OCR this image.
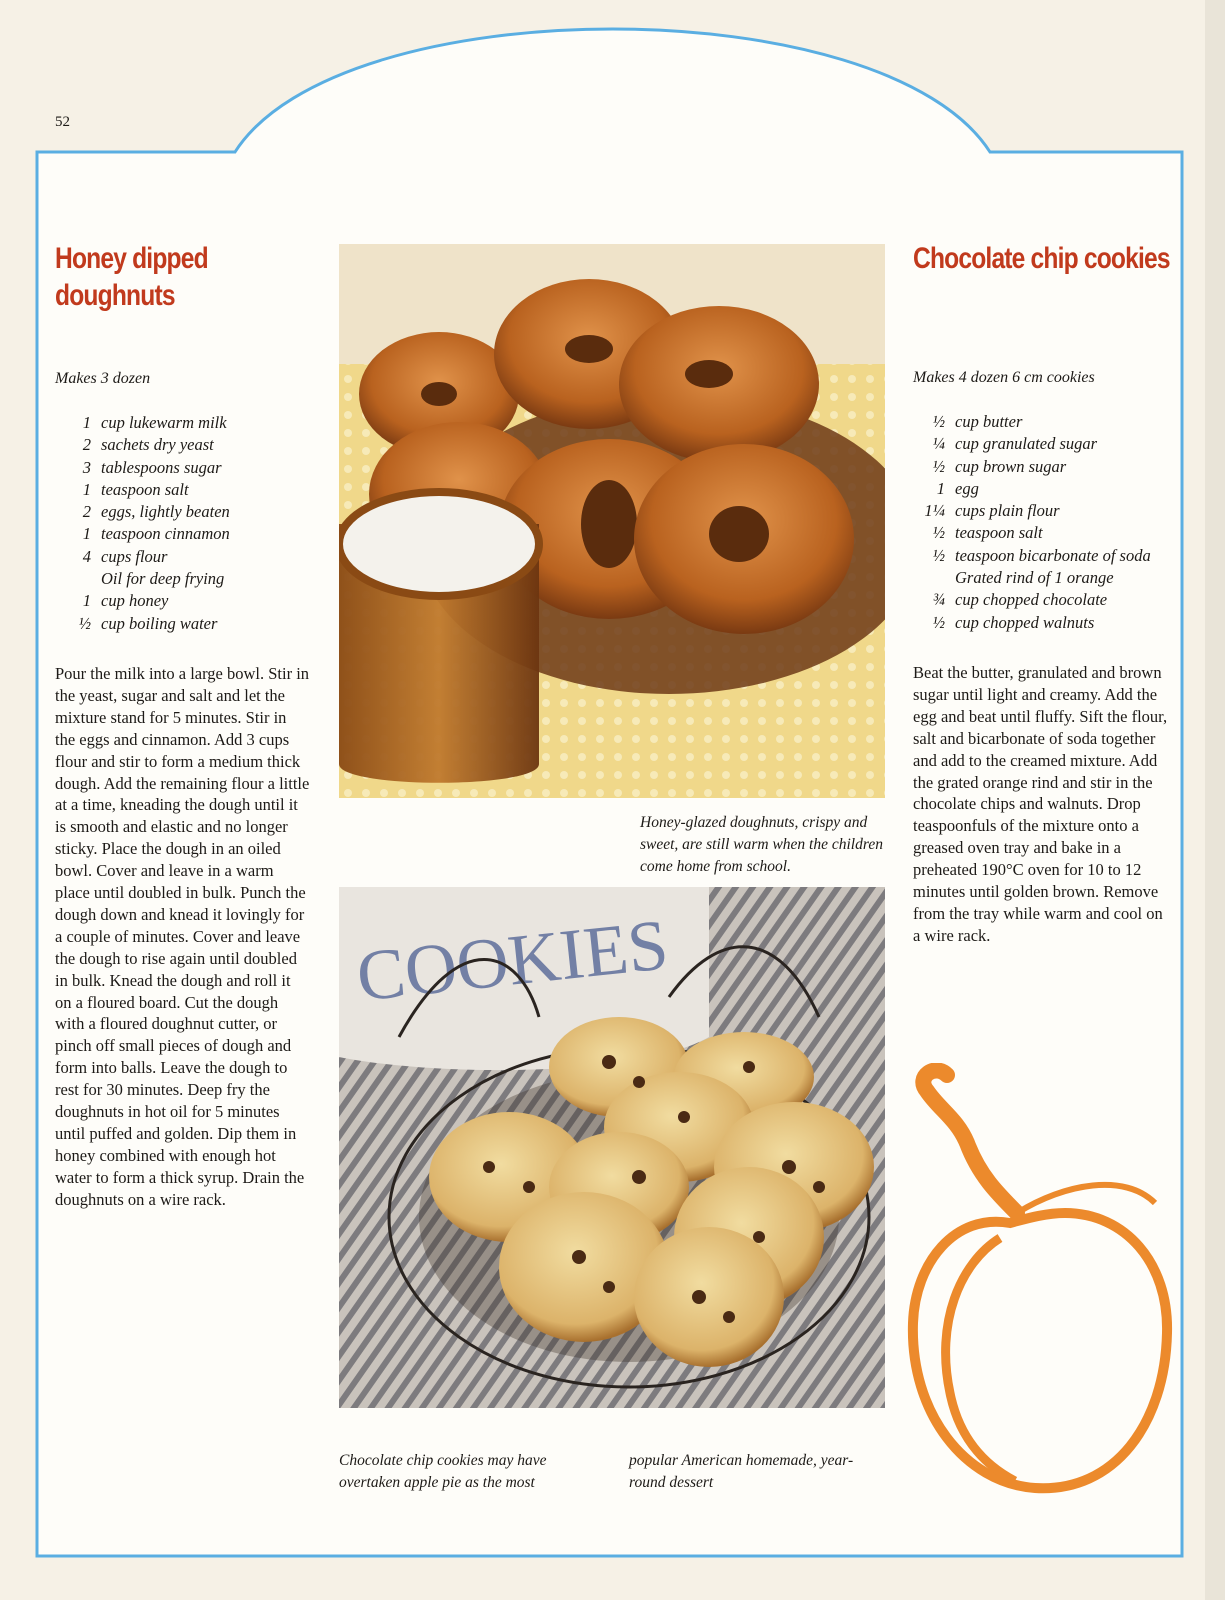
52
Honey dipped doughnuts
Makes 3 dozen
1 cup lukewarm milk
2 sachets dry yeast
3 tablespoons sugar
1 teaspoon salt
2 eggs, lightly beaten
1 teaspoon cinnamon
4 cups flour
Oil for deep frying
1 cup honey
½ cup boiling water

Pour the milk into a large bowl. Stir in the yeast, sugar and salt and let the mixture stand for 5 minutes. Stir in the eggs and cinnamon. Add 3 cups flour and stir to form a medium thick dough. Add the remaining flour a little at a time, kneading the dough until it is smooth and elastic and no longer sticky. Place the dough in an oiled bowl. Cover and leave in a warm place until doubled in bulk. Punch the dough down and knead it lovingly for a couple of minutes. Cover and leave the dough to rise again until doubled in bulk. Knead the dough and roll it on a floured board. Cut the dough with a floured doughnut cutter, or pinch off small pieces of dough and form into balls. Leave the dough to rest for 30 minutes. Deep fry the doughnuts in hot oil for 5 minutes until puffed and golden. Dip them in honey combined with enough hot water to form a thick syrup. Drain the doughnuts on a wire rack.

Honey-glazed doughnuts, crispy and sweet, are still warm when the children come home from school.
COOKIES
Chocolate chip cookies may have overtaken apple pie as the most
popular American homemade, year-round dessert
Chocolate chip cookies
Makes 4 dozen 6 cm cookies
½ cup butter
¼ cup granulated sugar
½ cup brown sugar
1 egg
1¼ cups plain flour
½ teaspoon salt
½ teaspoon bicarbonate of soda
Grated rind of 1 orange
¾ cup chopped chocolate
½ cup chopped walnuts

Beat the butter, granulated and brown sugar until light and creamy. Add the egg and beat until fluffy. Sift the flour, salt and bicarbonate of soda together and add to the creamed mixture. Add the grated orange rind and stir in the chocolate chips and walnuts. Drop teaspoonfuls of the mixture onto a greased oven tray and bake in a preheated 190°C oven for 10 to 12 minutes until golden brown. Remove from the tray while warm and cool on a wire rack.
